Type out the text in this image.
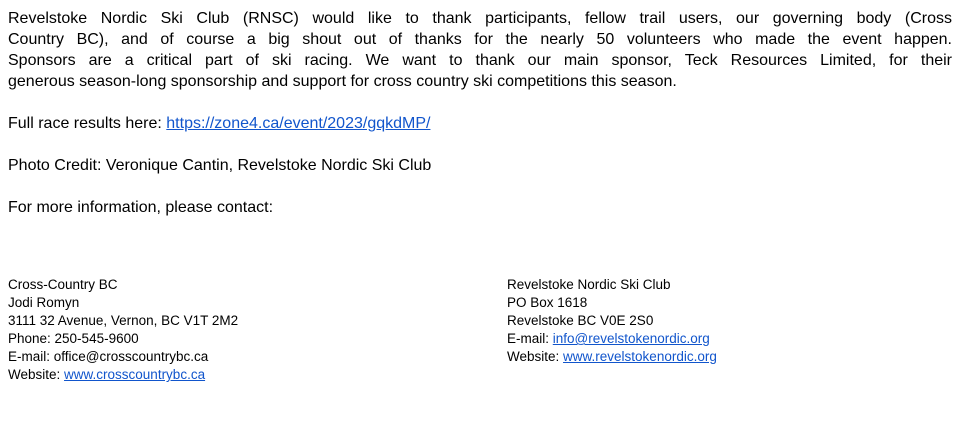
Revelstoke Nordic Ski Club (RNSC) would like to thank participants, fellow trail users, our governing body (Cross
Country BC), and of course a big shout out of thanks for the nearly 50 volunteers who made the event happen.
Sponsors are a critical part of ski racing. We want to thank our main sponsor, Teck Resources Limited, for their
generous season-long sponsorship and support for cross country ski competitions this season.

Full race results here: https://zone4.ca/event/2023/gqkdMP/

Photo Credit: Veronique Cantin, Revelstoke Nordic Ski Club

For more information, please contact:

Cross-Country BC
Jodi Romyn
3111 32 Avenue, Vernon, BC V1T 2M2
Phone: 250-545-9600
E-mail: office@crosscountrybc.ca
Website: www.crosscountrybc.ca
Revelstoke Nordic Ski Club
PO Box 1618
Revelstoke BC V0E 2S0
E-mail: info@revelstokenordic.org
Website: www.revelstokenordic.org
